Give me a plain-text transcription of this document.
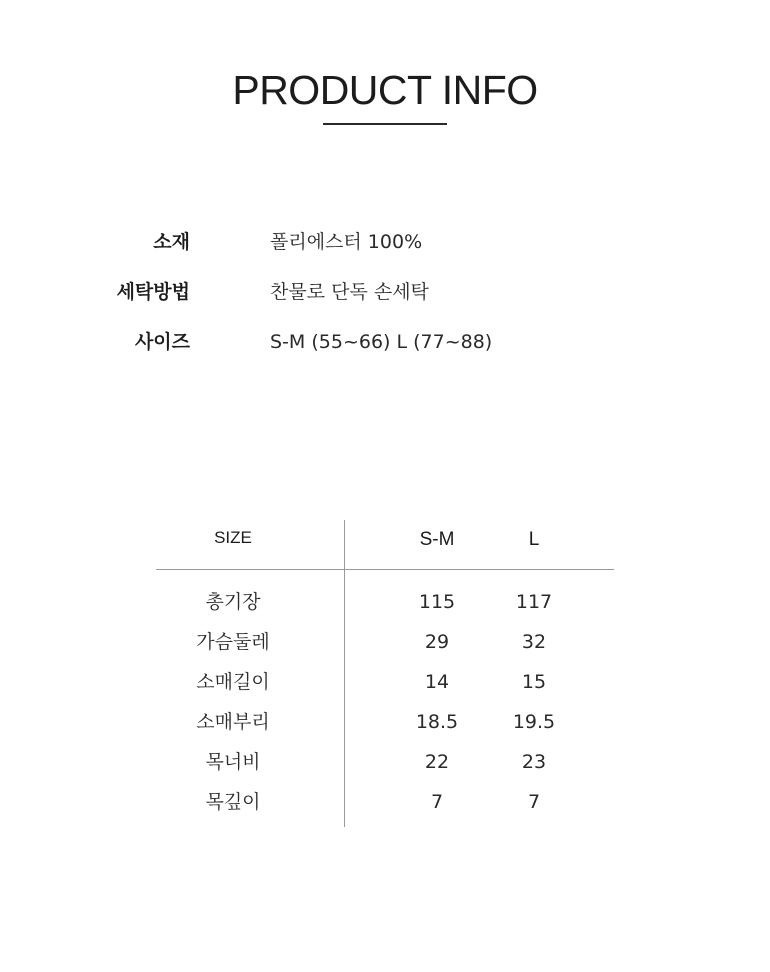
PRODUCT INFO
소재	폴리에스터 100%
세탁방법	찬물로 단독 손세탁
사이즈	S-M (55~66) L (77~88)
SIZE	S-M	L
총기장	115	117
가슴둘레	29	32
소매길이	14	15
소매부리	18.5	19.5
목너비	22	23
목깊이	7	7
